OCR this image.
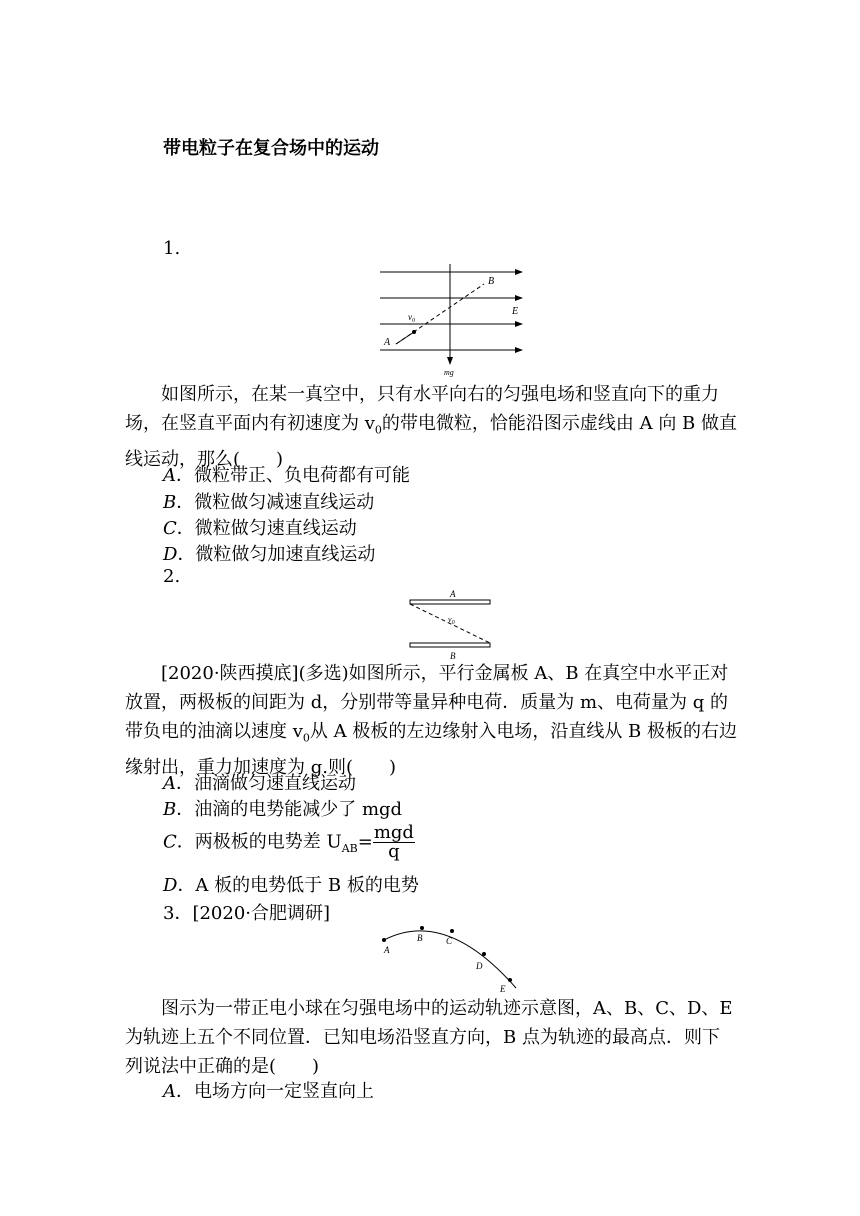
带电粒子在复合场中的运动
1.
A
B
E
$v_0$
mg
如图所示，在某一真空中，只有水平向右的匀强电场和竖直向下的重力场，在竖直平面内有初速度为 $v_0$的带电微粒，恰能沿图示虚线由 A 向 B 做直线运动，那么(　　)
A．微粒带正、负电荷都有可能
B．微粒做匀减速直线运动
C．微粒做匀速直线运动
D．微粒做匀加速直线运动
2.
A
B
$v_0$
[2020·陕西摸底](多选)如图所示，平行金属板 A、B 在真空中水平正对放置，两极板的间距为 d，分别带等量异种电荷．质量为 m、电荷量为 q 的带负电的油滴以速度 $v_0$从 A 极板的左边缘射入电场，沿直线从 B 极板的右边缘射出，重力加速度为 g.则(　　)
A．油滴做匀速直线运动
B．油滴的电势能减少了 mgd
C．两极板的电势差 $U_{AB}= \frac{\text{mgd}}{q}$
D．A 板的电势低于 B 板的电势
3．[2020·合肥调研]
A
B	C
D
E
图示为一带正电小球在匀强电场中的运动轨迹示意图，A、B、C、D、E 为轨迹上五个不同位置．已知电场沿竖直方向，B 点为轨迹的最高点．则下列说法中正确的是(　　)
A．电场方向一定竖直向上
